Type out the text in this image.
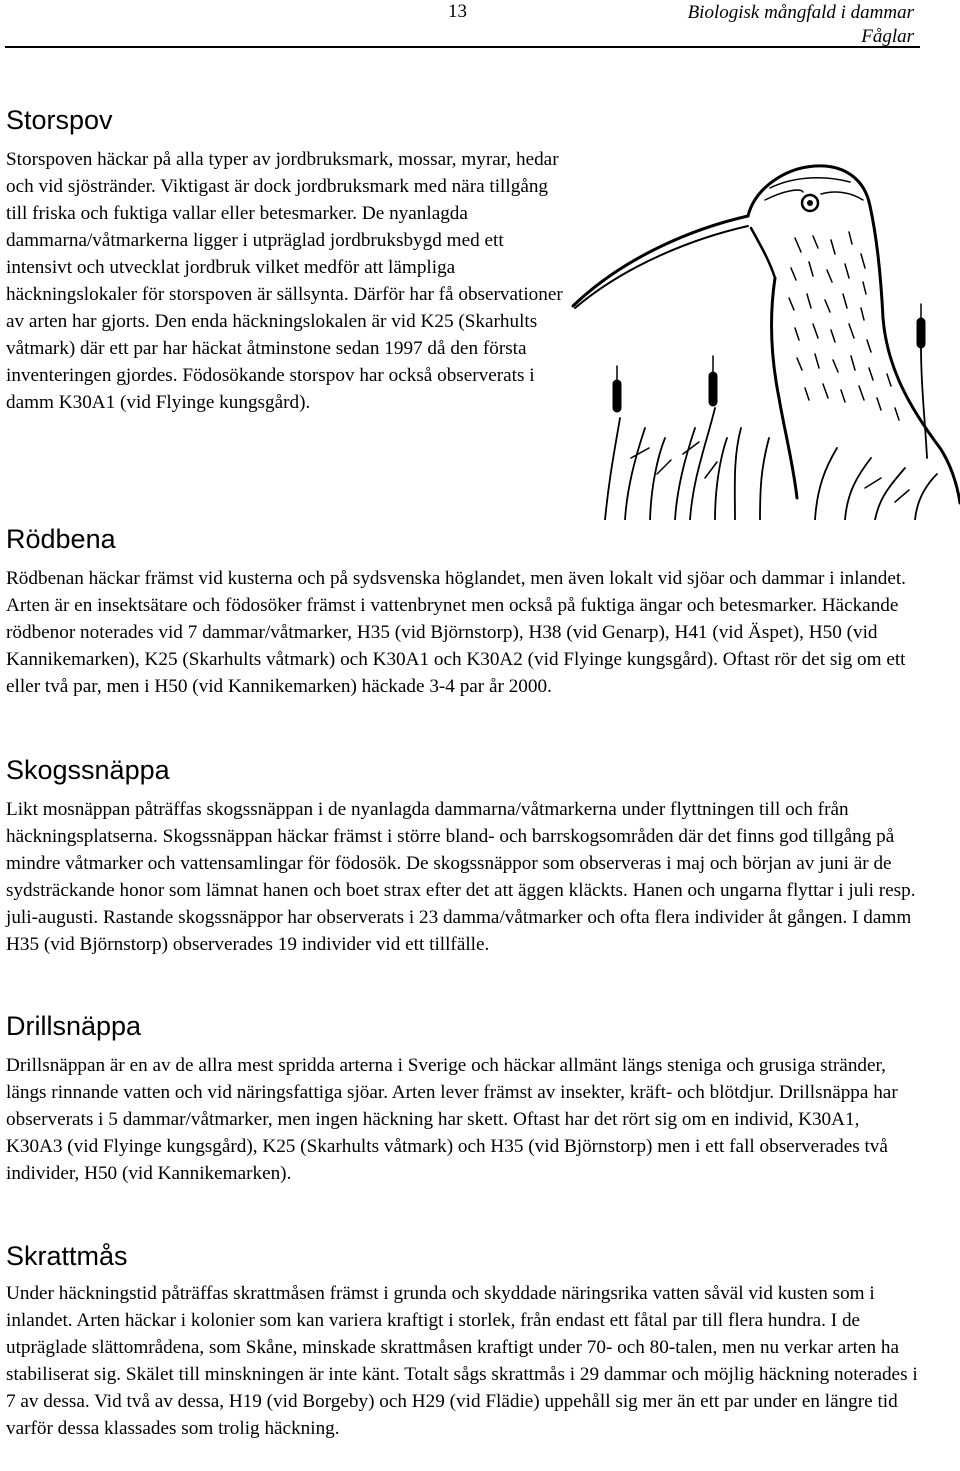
13	Biologisk mångfald i dammar
Fåglar
Storspov

Storspoven häckar på alla typer av jordbruksmark, mossar, myrar, hedar och vid sjöstränder. Viktigast är dock jordbruksmark med nära tillgång till friska och fuktiga vallar eller betesmarker. De nyanlagda dammarna/våtmarkerna ligger i utpräglad jordbruksbygd med ett intensivt och utvecklat jordbruk vilket medför att lämpliga häckningslokaler för storspoven är sällsynta. Därför har få observationer av arten har gjorts. Den enda häckningslokalen är vid K25 (Skarhults våtmark) där ett par har häckat åtminstone sedan 1997 då den första inventeringen gjordes. Födosökande storspov har också observerats i damm K30A1 (vid Flyinge kungsgård).

Rödbena

Rödbenan häckar främst vid kusterna och på sydsvenska höglandet, men även lokalt vid sjöar och dammar i inlandet. Arten är en insektsätare och födosöker främst i vattenbrynet men också på fuktiga ängar och betesmarker. Häckande rödbenor noterades vid 7 dammar/våtmarker, H35 (vid Björnstorp), H38 (vid Genarp), H41 (vid Äspet), H50 (vid Kannikemarken), K25 (Skarhults våtmark) och K30A1 och K30A2 (vid Flyinge kungsgård). Oftast rör det sig om ett eller två par, men i H50 (vid Kannikemarken) häckade 3-4 par år 2000.

Skogssnäppa

Likt mosnäppan påträffas skogssnäppan i de nyanlagda dammarna/våtmarkerna under flyttningen till och från häckningsplatserna. Skogssnäppan häckar främst i större bland- och barrskogsområden där det finns god tillgång på mindre våtmarker och vattensamlingar för födosök. De skogssnäppor som observeras i maj och början av juni är de sydsträckande honor som lämnat hanen och boet strax efter det att äggen kläckts. Hanen och ungarna flyttar i juli resp. juli-augusti. Rastande skogssnäppor har observerats i 23 damma/våtmarker och ofta flera individer åt gången. I damm H35 (vid Björnstorp) observerades 19 individer vid ett tillfälle.

Drillsnäppa

Drillsnäppan är en av de allra mest spridda arterna i Sverige och häckar allmänt längs steniga och grusiga stränder, längs rinnande vatten och vid näringsfattiga sjöar. Arten lever främst av insekter, kräft- och blötdjur. Drillsnäppa har observerats i 5 dammar/våtmarker, men ingen häckning har skett. Oftast har det rört sig om en individ, K30A1, K30A3 (vid Flyinge kungsgård), K25 (Skarhults våtmark) och H35 (vid Björnstorp) men i ett fall observerades två individer, H50 (vid Kannikemarken).

Skrattmås

Under häckningstid påträffas skrattmåsen främst i grunda och skyddade näringsrika vatten såväl vid kusten som i inlandet. Arten häckar i kolonier som kan variera kraftigt i storlek, från endast ett fåtal par till flera hundra. I de utpräglade slättområdena, som Skåne, minskade skrattmåsen kraftigt under 70- och 80-talen, men nu verkar arten ha stabiliserat sig. Skälet till minskningen är inte känt. Totalt sågs skrattmås i 29 dammar och möjlig häckning noterades i 7 av dessa. Vid två av dessa, H19 (vid Borgeby) och H29 (vid Flädie) uppehåll sig mer än ett par under en längre tid varför dessa klassades som trolig häckning.
